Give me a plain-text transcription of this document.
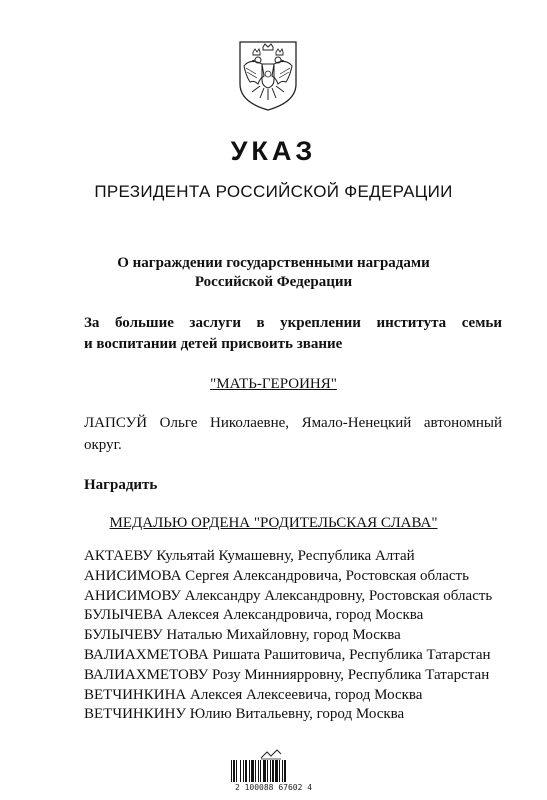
УКАЗ
ПРЕЗИДЕНТА РОССИЙСКОЙ ФЕДЕРАЦИИ
О награждении государственными наградами
Российской Федерации
За большие заслуги в укреплении института семьи
и воспитании детей присвоить звание
"МАТЬ-ГЕРОИНЯ"
ЛАПСУЙ Ольге Николаевне, Ямало-Ненецкий автономный
округ.
Наградить
МЕДАЛЬЮ ОРДЕНА "РОДИТЕЛЬСКАЯ СЛАВА"
АКТАЕВУ Кульятай Кумашевну, Республика Алтай
АНИСИМОВА Сергея Александровича, Ростовская область
АНИСИМОВУ Александру Александровну, Ростовская область
БУЛЫЧЕВА Алексея Александровича, город Москва
БУЛЫЧЕВУ Наталью Михайловну, город Москва
ВАЛИАХМЕТОВА Ришата Рашитовича, Республика Татарстан
ВАЛИАХМЕТОВУ Розу Минниярровну, Республика Татарстан
ВЕТЧИНКИНА Алексея Алексеевича, город Москва
ВЕТЧИНКИНУ Юлию Витальевну, город Москва
2 100088 67602 4
